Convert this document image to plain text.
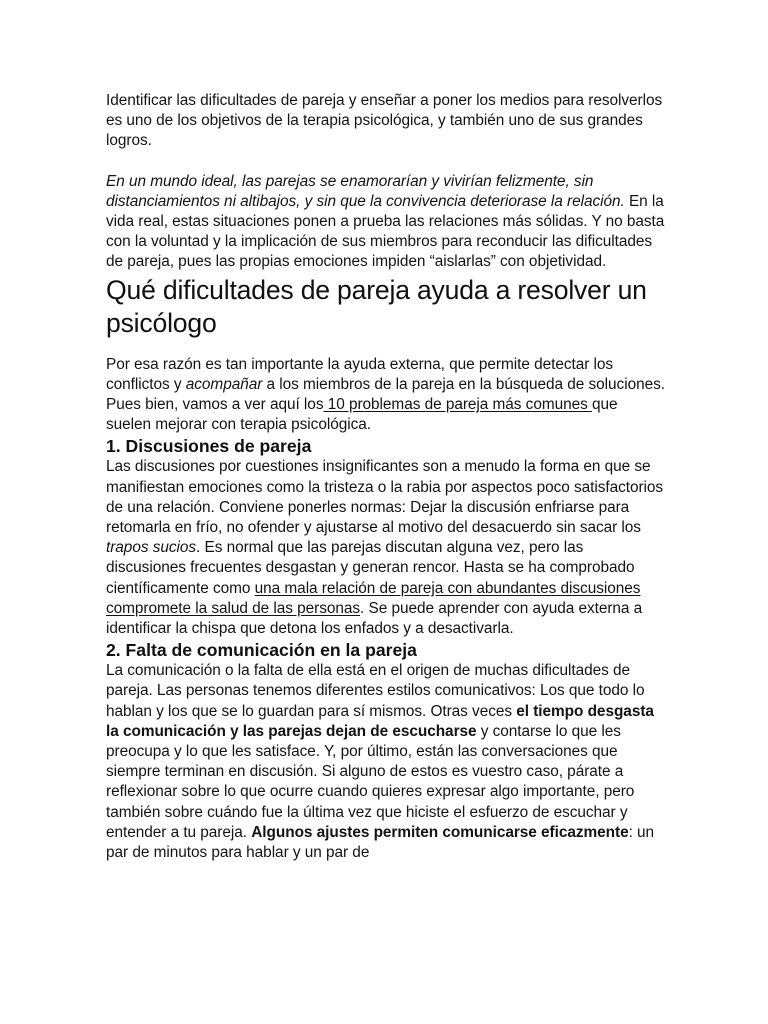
Identificar las dificultades de pareja y enseñar a poner los medios para resolverlos es uno de los objetivos de la terapia psicológica, y también uno de sus grandes logros.

En un mundo ideal, las parejas se enamorarían y vivirían felizmente, sin distanciamientos ni altibajos, y sin que la convivencia deteriorase la relación. En la vida real, estas situaciones ponen a prueba las relaciones más sólidas. Y no basta con la voluntad y la implicación de sus miembros para reconducir las dificultades de pareja, pues las propias emociones impiden “aislarlas” con objetividad.

Qué dificultades de pareja ayuda a resolver un psicólogo

Por esa razón es tan importante la ayuda externa, que permite detectar los conflictos y acompañar a los miembros de la pareja en la búsqueda de soluciones. Pues bien, vamos a ver aquí los 10 problemas de pareja más comunes que suelen mejorar con terapia psicológica.

1. Discusiones de pareja

Las discusiones por cuestiones insignificantes son a menudo la forma en que se manifiestan emociones como la tristeza o la rabia por aspectos poco satisfactorios de una relación. Conviene ponerles normas: Dejar la discusión enfriarse para retomarla en frío, no ofender y ajustarse al motivo del desacuerdo sin sacar los trapos sucios. Es normal que las parejas discutan alguna vez, pero las discusiones frecuentes desgastan y generan rencor. Hasta se ha comprobado científicamente como una mala relación de pareja con abundantes discusiones compromete la salud de las personas. Se puede aprender con ayuda externa a identificar la chispa que detona los enfados y a desactivarla.

2. Falta de comunicación en la pareja

La comunicación o la falta de ella está en el origen de muchas dificultades de pareja. Las personas tenemos diferentes estilos comunicativos: Los que todo lo hablan y los que se lo guardan para sí mismos. Otras veces el tiempo desgasta la comunicación y las parejas dejan de escucharse y contarse lo que les preocupa y lo que les satisface. Y, por último, están las conversaciones que siempre terminan en discusión. Si alguno de estos es vuestro caso, párate a reflexionar sobre lo que ocurre cuando quieres expresar algo importante, pero también sobre cuándo fue la última vez que hiciste el esfuerzo de escuchar y entender a tu pareja. Algunos ajustes permiten comunicarse eficazmente: un par de minutos para hablar y un par de
